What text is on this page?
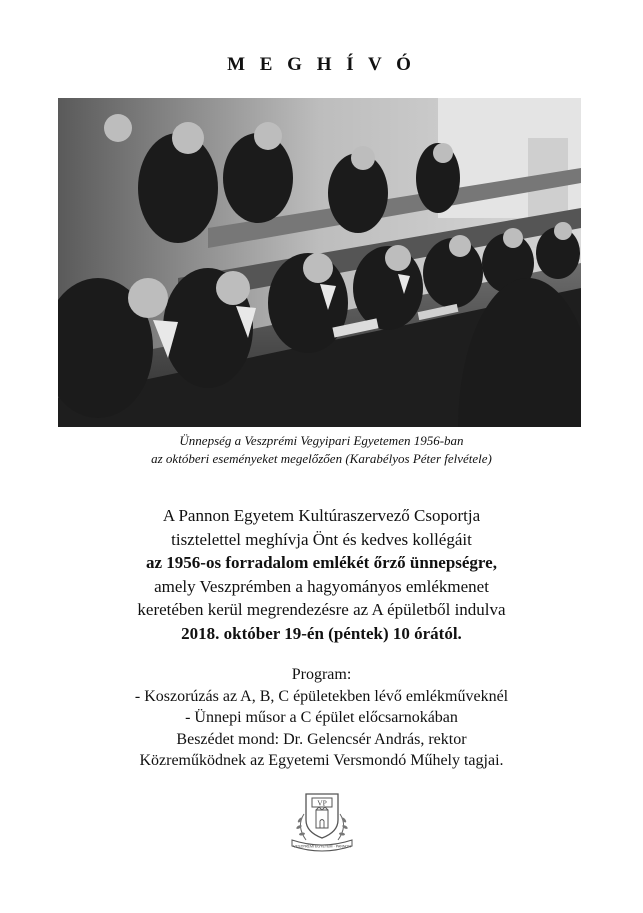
M E G H Í V Ó
Ünnepség a Veszprémi Vegyipari Egyetemen 1956-ban
az októberi eseményeket megelőzően (Karabélyos Péter felvétele)
A Pannon Egyetem Kultúraszervező Csoportja
tisztelettel meghívja Önt és kedves kollégáit
az 1956-os forradalom emlékét őrző ünnepségre,
amely Veszprémben a hagyományos emlékmenet
keretében kerül megrendezésre az A épületből indulva
2018. október 19-én (péntek) 10 órától.
Program:
- Koszorúzás az A, B, C épületekben lévő emlékműveknél
- Ünnepi műsor a C épület előcsarnokában
Beszédet mond: Dr. Gelencsér András, rektor
Közreműködnek az Egyetemi Versmondó Műhely tagjai.
VP
VESZPRÉMI EGYETEM · PANNON
